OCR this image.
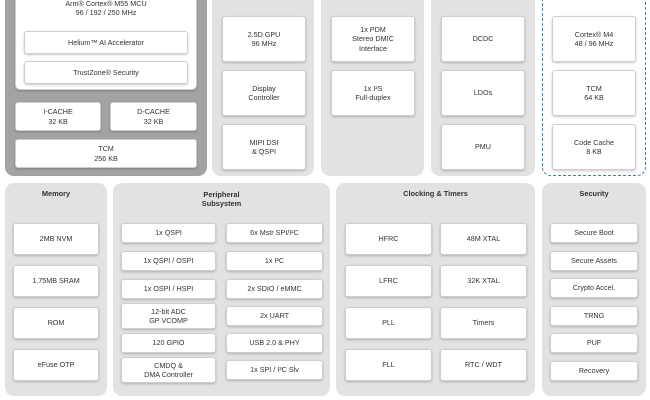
Arm® Cortex® M55 MCU
96 / 192 / 250 MHz
Helium™ AI Accelerator
TrustZone® Security
I-CACHE
32 KB
D-CACHE
32 KB
TCM
256 KB
2.5D GPU
96 MHz
Display
Controller
MIPI DSI
& QSPI
1x PDM
Stereo DMIC
Interface
1x I²S
Full-duplex
DCDC
LDOs
PMU
Cortex® M4
48 / 96 MHz
TCM
64 KB
Code Cache
8 KB
Memory
2MB NVM
1.75MB SRAM
ROM
eFuse OTP
Peripheral
Subsystem
1x QSPI
1x QSPI / OSPI
1x OSPI / HSPI
12-bit ADC
GP VCOMP
120 GPIO
CMDQ &
DMA Controller
6x Mstr SPI/I²C
1x I²C
2x SDIO / eMMC
2x UART
USB 2.0 & PHY
1x SPI / I²C Slv
Clocking & Timers
HFRC
LFRC
PLL
FLL
48M XTAL
32K XTAL
Timers
RTC / WDT
Security
Secure Boot
Secure Assets
Crypto Accel.
TRNG
PUF
Recovery
